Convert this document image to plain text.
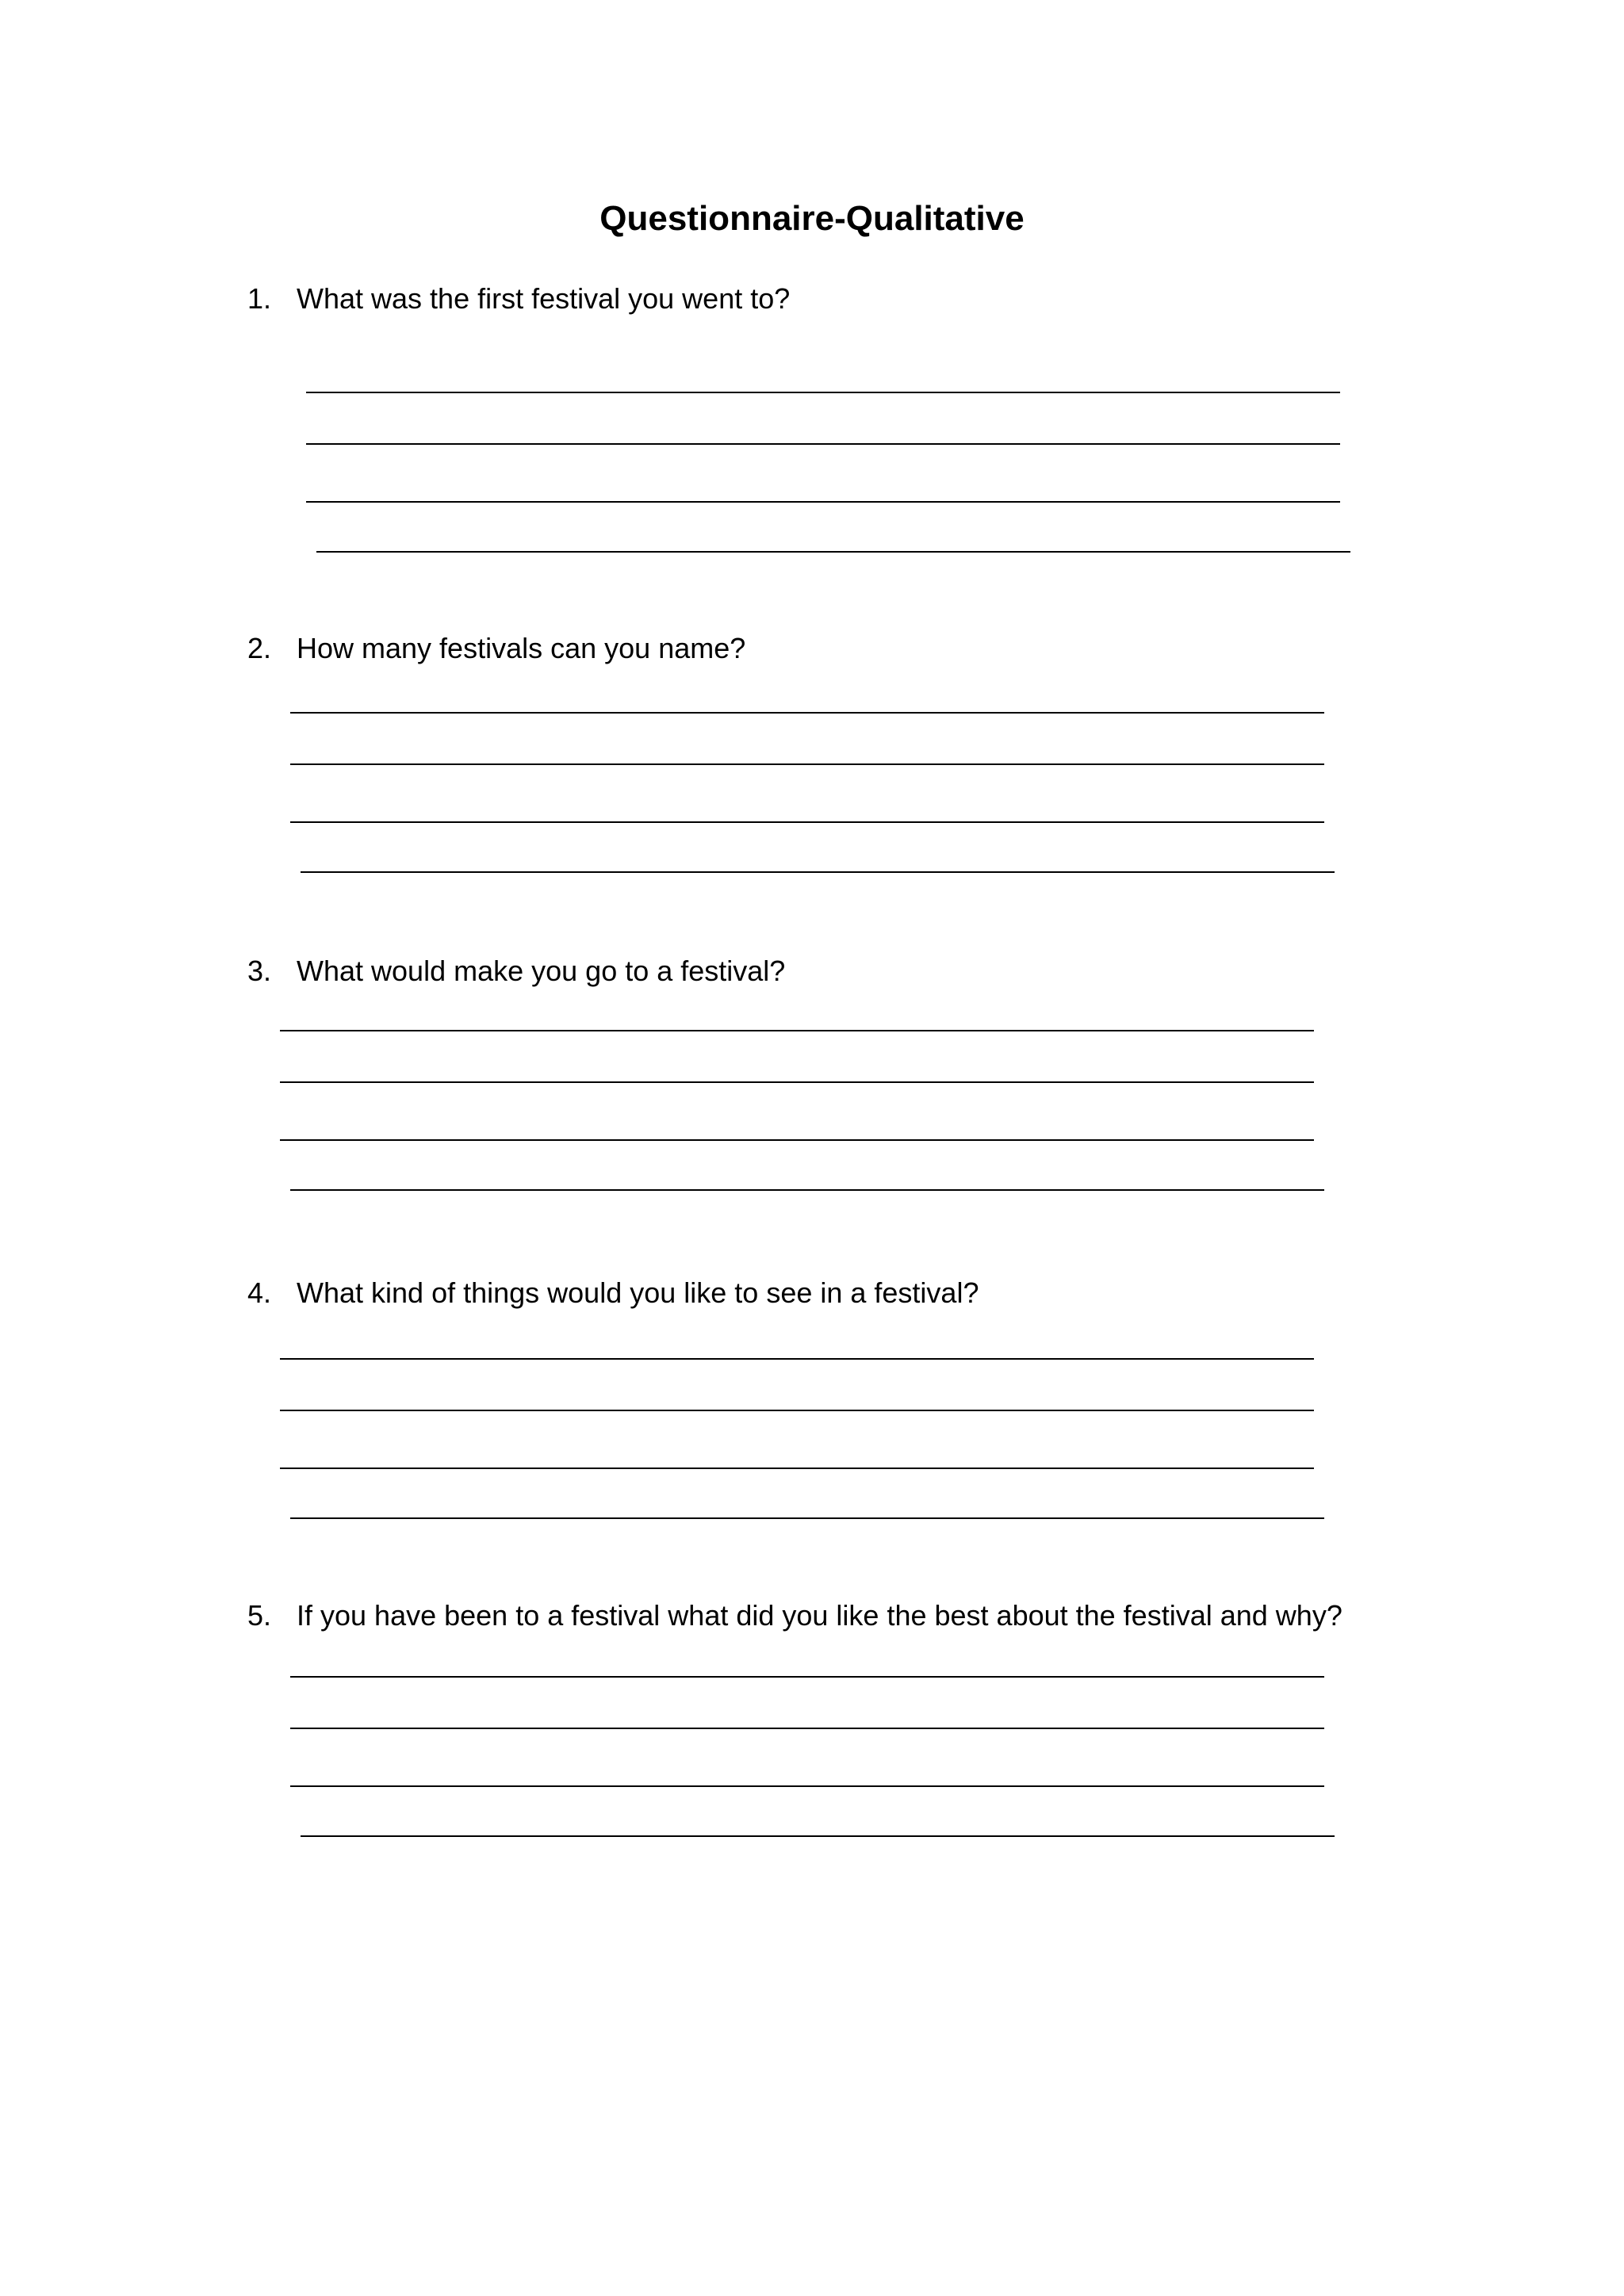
Questionnaire-Qualitative
1. What was the first festival you went to?
2. How many festivals can you name?
3. What would make you go to a festival?
4. What kind of things would you like to see in a festival?
5. If you have been to a festival what did you like the best about the festival and why?
